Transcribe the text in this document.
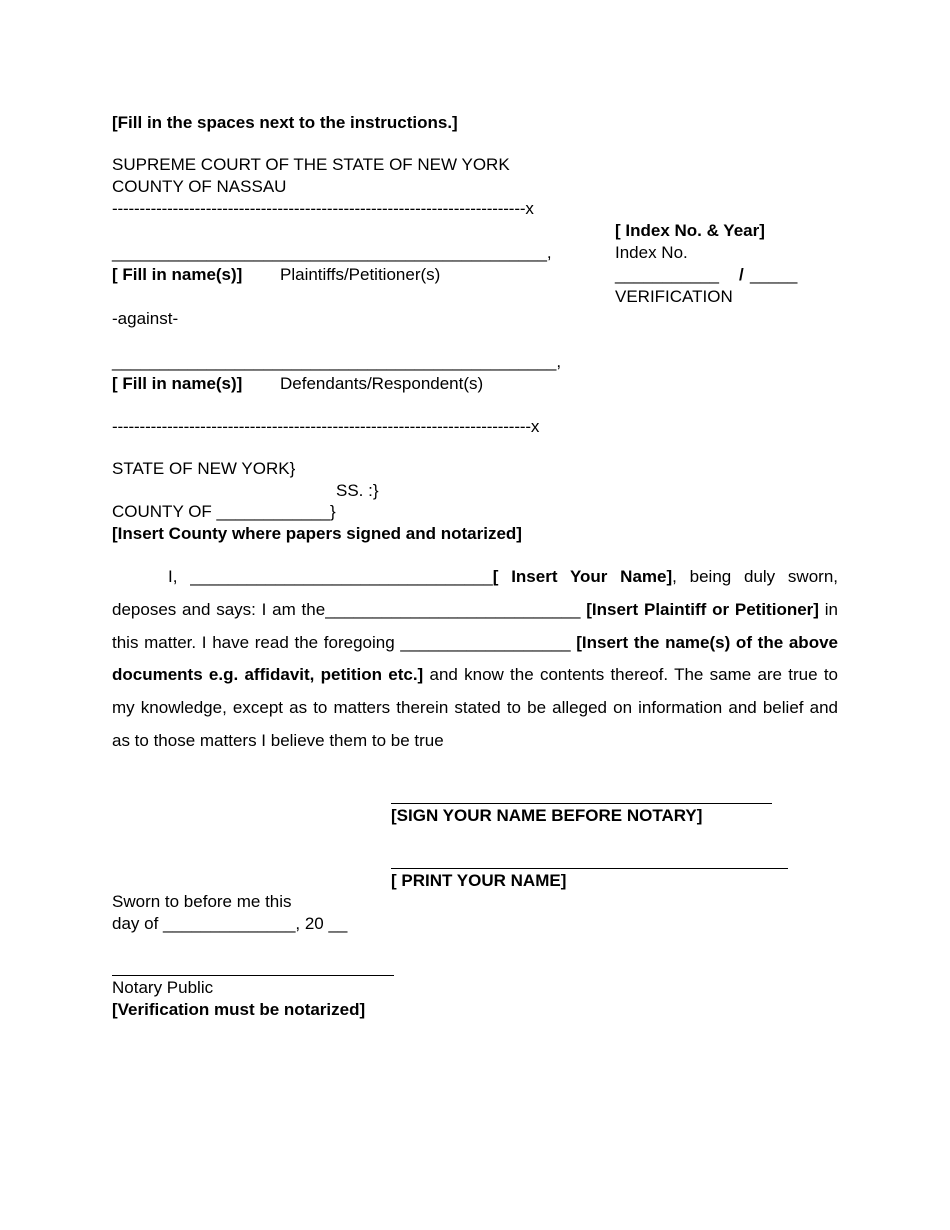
[Fill in the spaces next to the instructions.]
SUPREME COURT OF THE STATE OF NEW YORK
COUNTY OF NASSAU
---------------------------------------------------------------------------x
[ Index No. & Year]
Index No.
___________ / _____
VERIFICATION
______________________________________________,
[ Fill in name(s)] Plaintiffs/Petitioner(s)
-against-
_______________________________________________,
[ Fill in name(s)] Defendants/Respondent(s)
----------------------------------------------------------------------------x
STATE OF NEW YORK}
SS. :}
COUNTY OF ____________}
[Insert County where papers signed and notarized]
I, ________________________________[ Insert Your Name], being duly sworn, deposes and says: I am the___________________________ [Insert Plaintiff or Petitioner] in this matter. I have read the foregoing __________________ [Insert the name(s) of the above documents e.g. affidavit, petition etc.] and know the contents thereof. The same are true to my knowledge, except as to matters therein stated to be alleged on information and belief and as to those matters I believe them to be true
[SIGN YOUR NAME BEFORE NOTARY]
[ PRINT YOUR NAME]
Sworn to before me this
day of ______________, 20 __
Notary Public
[Verification must be notarized]
